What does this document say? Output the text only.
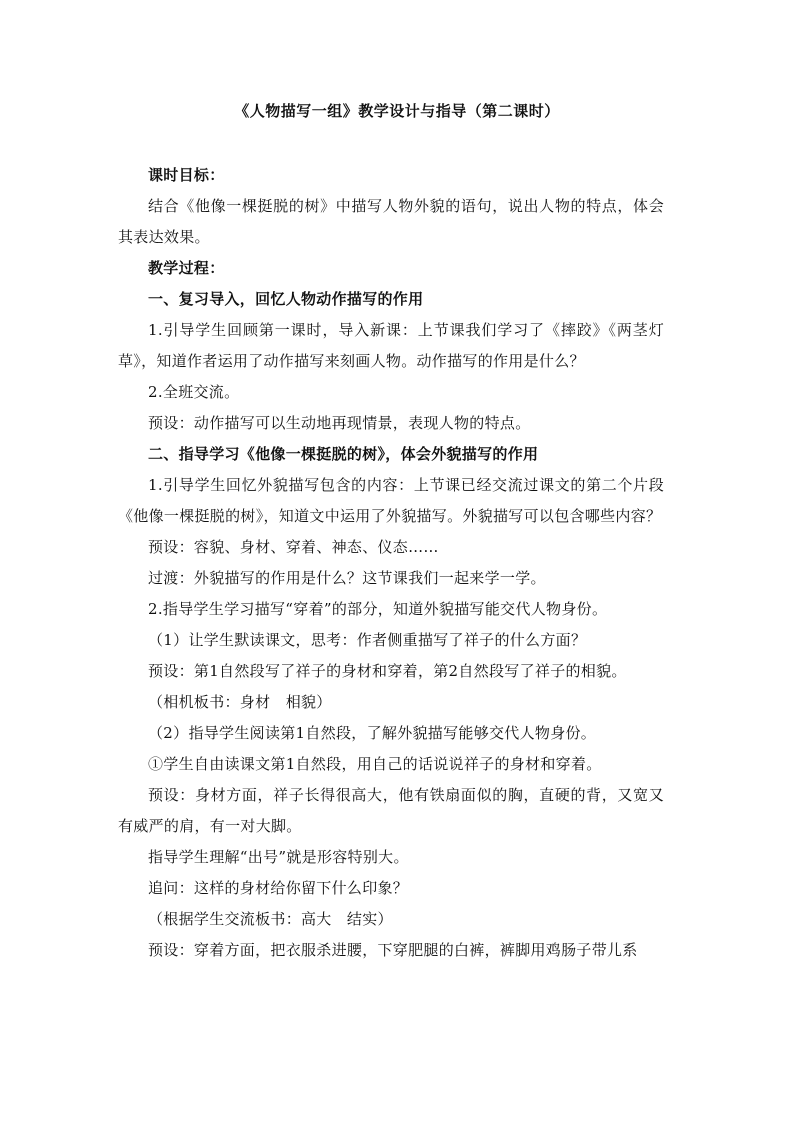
《人物描写一组》教学设计与指导（第二课时）

课时目标：

结合《他像一棵挺脱的树》中描写人物外貌的语句，说出人物的特点，体会其表达效果。

教学过程：

一、复习导入，回忆人物动作描写的作用

1.引导学生回顾第一课时，导入新课：上节课我们学习了《摔跤》《两茎灯草》，知道作者运用了动作描写来刻画人物。动作描写的作用是什么？

2.全班交流。

预设：动作描写可以生动地再现情景，表现人物的特点。

二、指导学习《他像一棵挺脱的树》，体会外貌描写的作用

1.引导学生回忆外貌描写包含的内容：上节课已经交流过课文的第二个片段《他像一棵挺脱的树》，知道文中运用了外貌描写。外貌描写可以包含哪些内容？

预设：容貌、身材、穿着、神态、仪态……

过渡：外貌描写的作用是什么？这节课我们一起来学一学。

2.指导学生学习描写“穿着”的部分，知道外貌描写能交代人物身份。

（1）让学生默读课文，思考：作者侧重描写了祥子的什么方面？

预设：第1自然段写了祥子的身材和穿着，第2自然段写了祥子的相貌。

（相机板书：身材　相貌）

（2）指导学生阅读第1自然段，了解外貌描写能够交代人物身份。

①学生自由读课文第1自然段，用自己的话说说祥子的身材和穿着。

预设：身材方面，祥子长得很高大，他有铁扇面似的胸，直硬的背，又宽又有威严的肩，有一对大脚。

指导学生理解“出号”就是形容特别大。

追问：这样的身材给你留下什么印象？

（根据学生交流板书：高大　结实）

预设：穿着方面，把衣服杀进腰，下穿肥腿的白裤，裤脚用鸡肠子带儿系
